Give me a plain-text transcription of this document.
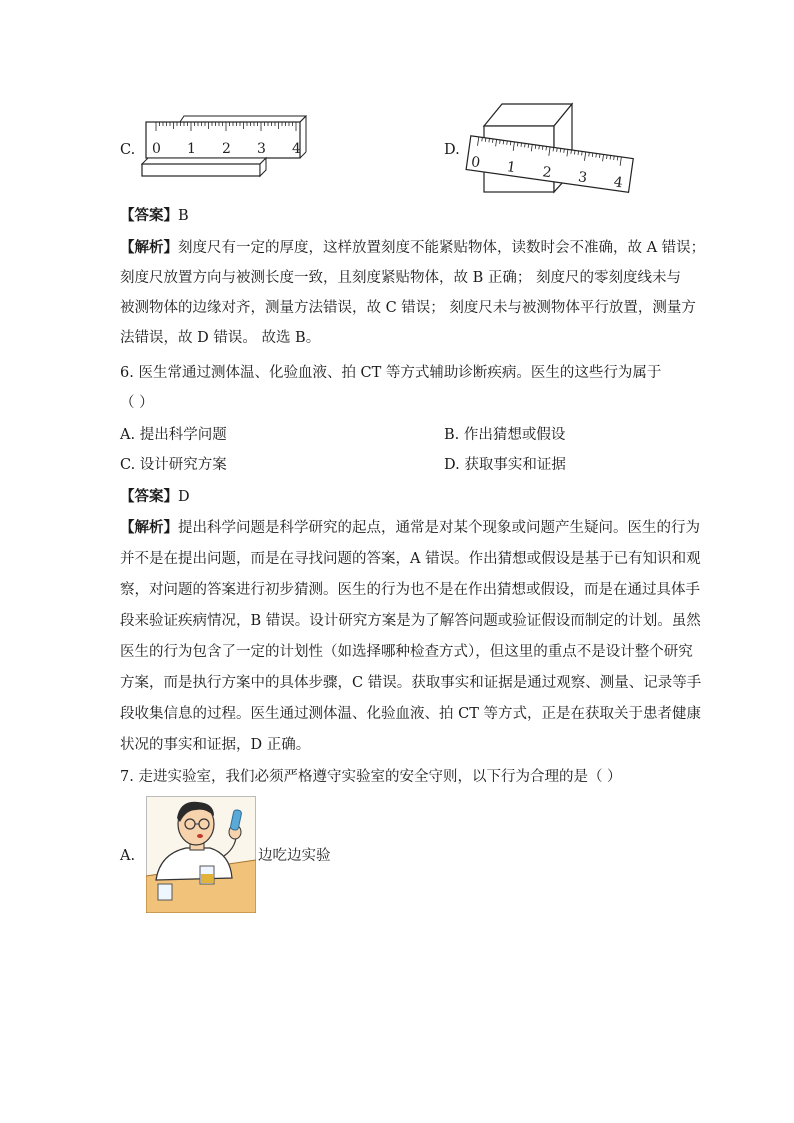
C. 0 1 2 3 4	D.
0 1 2 3 4
【答案】B
【解析】刻度尺有一定的厚度，这样放置刻度不能紧贴物体，读数时会不准确，故 A 错误；
刻度尺放置方向与被测长度一致，且刻度紧贴物体，故 B 正确； 刻度尺的零刻度线未与
被测物体的边缘对齐，测量方法错误，故 C 错误； 刻度尺未与被测物体平行放置，测量方
法错误，故 D 错误。 故选 B。
6. 医生常通过测体温、化验血液、拍 CT 等方式辅助诊断疾病。医生的这些行为属于
（ ）
A. 提出科学问题	B. 作出猜想或假设
C. 设计研究方案	D. 获取事实和证据
【答案】D
【解析】提出科学问题是科学研究的起点，通常是对某个现象或问题产生疑问。医生的行为
并不是在提出问题，而是在寻找问题的答案，A 错误。作出猜想或假设是基于已有知识和观
察，对问题的答案进行初步猜测。医生的行为也不是在作出猜想或假设，而是在通过具体手
段来验证疾病情况，B 错误。设计研究方案是为了解答问题或验证假设而制定的计划。虽然
医生的行为包含了一定的计划性（如选择哪种检查方式），但这里的重点不是设计整个研究
方案，而是执行方案中的具体步骤，C 错误。获取事实和证据是通过观察、测量、记录等手
段收集信息的过程。医生通过测体温、化验血液、拍 CT 等方式，正是在获取关于患者健康
状况的事实和证据，D 正确。
7. 走进实验室，我们必须严格遵守实验室的安全守则，以下行为合理的是（ ）
A.	边吃边实验
